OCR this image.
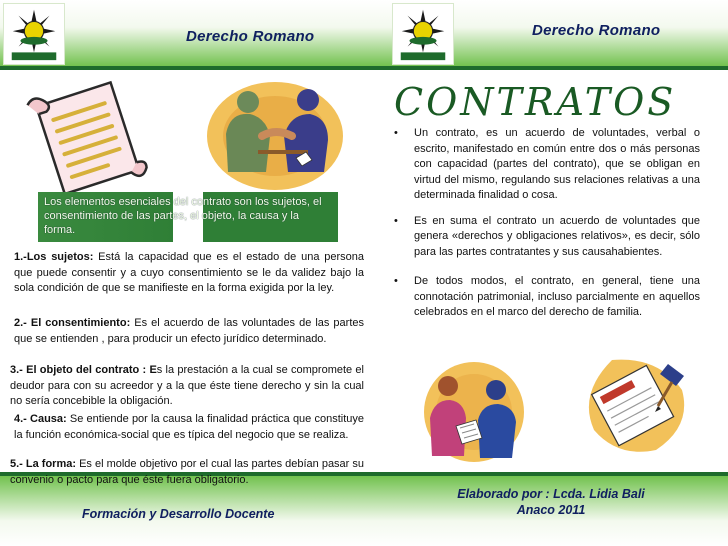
Derecho Romano	Derecho Romano

Los elementos esenciales del contrato son los sujetos, el consentimiento de las partes, el objeto, la causa y la forma.

1.-Los sujetos: Está la capacidad que es el estado de una persona que puede consentir y a cuyo consentimiento se le da validez bajo la sola condición de que se manifieste en la forma exigida por la ley.
2.- El consentimiento: Es el acuerdo de las voluntades de las partes que se entienden , para producir un efecto jurídico determinado.
3.- El objeto del contrato : Es la prestación a la cual se compromete el deudor para con su acreedor y a la que éste tiene derecho y sin la cual no sería concebible la obligación.
4.- Causa: Se entiende por la causa la finalidad práctica que constituye la función económica-social que es típica del negocio que se realiza.
5.- La forma: Es el molde objetivo por el cual las partes debían pasar su convenio o pacto para que éste fuera obligatorio.
CONTRATOS
• Un contrato, es un acuerdo de voluntades, verbal o escrito, manifestado en común entre dos o más personas con capacidad (partes del contrato), que se obligan en virtud del mismo, regulando sus relaciones relativas a una determinada finalidad o cosa.
• Es en suma el contrato un acuerdo de voluntades que genera «derechos y obligaciones relativos», es decir, sólo para las partes contratantes y sus causahabientes.
• De todos modos, el contrato, en general, tiene una connotación patrimonial, incluso parcialmente en aquellos celebrados en el marco del derecho de familia.
Formación y Desarrollo Docente
Elaborado por : Lcda. Lidia Bali
Anaco 2011
